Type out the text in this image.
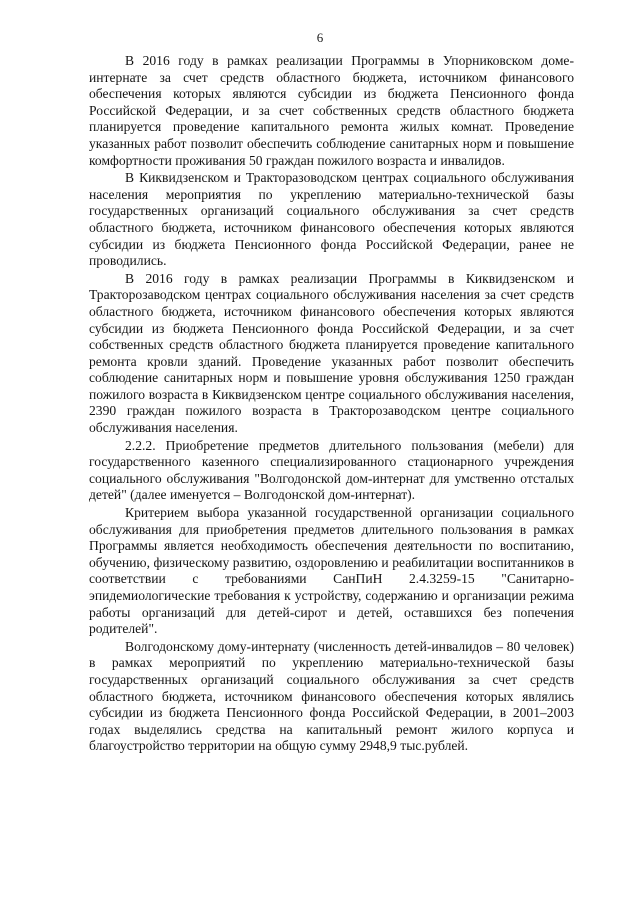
6

В 2016 году в рамках реализации Программы в Упорниковском доме-интернате за счет средств областного бюджета, источником финансового обеспечения которых являются субсидии из бюджета Пенсионного фонда Российской Федерации, и за счет собственных средств областного бюджета планируется проведение капитального ремонта жилых комнат. Проведение указанных работ позволит обеспечить соблюдение санитарных норм и повышение комфортности проживания 50 граждан пожилого возраста и инвалидов.

В Киквидзенском и Тракторазоводском центрах социального обслуживания населения мероприятия по укреплению материально-технической базы государственных организаций социального обслуживания за счет средств областного бюджета, источником финансового обеспечения которых являются субсидии из бюджета Пенсионного фонда Российской Федерации, ранее не проводились.

В 2016 году в рамках реализации Программы в Киквидзенском и Тракторозаводском центрах социального обслуживания населения за счет средств областного бюджета, источником финансового обеспечения которых являются субсидии из бюджета Пенсионного фонда Российской Федерации, и за счет собственных средств областного бюджета планируется проведение капитального ремонта кровли зданий. Проведение указанных работ позволит обеспечить соблюдение санитарных норм и повышение уровня обслуживания 1250 граждан пожилого возраста в Киквидзенском центре социального обслуживания населения, 2390 граждан пожилого возраста в Тракторозаводском центре социального обслуживания населения.

2.2.2. Приобретение предметов длительного пользования (мебели) для государственного казенного специализированного стационарного учреждения социального обслуживания "Волгодонской дом-интернат для умственно отсталых детей" (далее именуется – Волгодонской дом-интернат).

Критерием выбора указанной государственной организации социального обслуживания для приобретения предметов длительного пользования в рамках Программы является необходимость обеспечения деятельности по воспитанию, обучению, физическому развитию, оздоровлению и реабилитации воспитанников в соответствии с требованиями СанПиН 2.4.3259-15 "Санитарно-эпидемиологические требования к устройству, содержанию и организации режима работы организаций для детей-сирот и детей, оставшихся без попечения родителей".

Волгодонскому дому-интернату (численность детей-инвалидов – 80 человек) в рамках мероприятий по укреплению материально-технической базы государственных организаций социального обслуживания за счет средств областного бюджета, источником финансового обеспечения которых являлись субсидии из бюджета Пенсионного фонда Российской Федерации, в 2001–2003 годах выделялись средства на капитальный ремонт жилого корпуса и благоустройство территории на общую сумму 2948,9 тыс.рублей.
